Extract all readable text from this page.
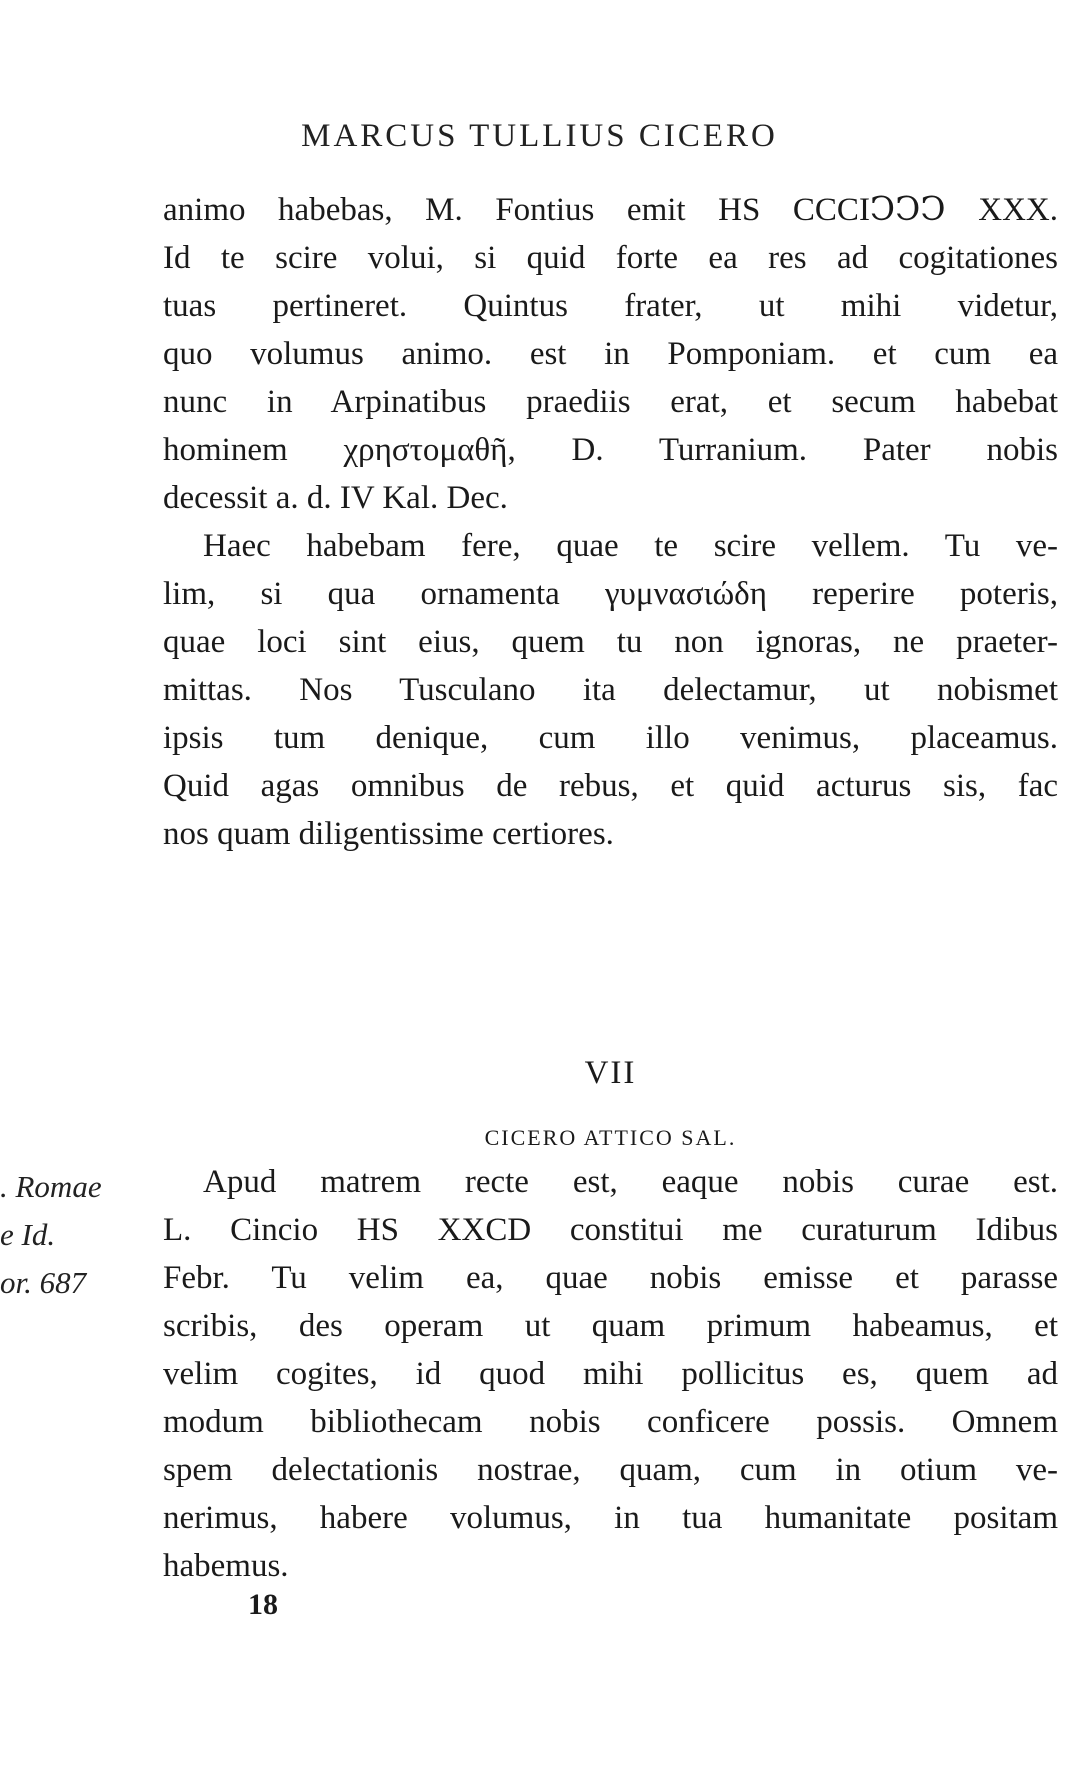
MARCUS TULLIUS CICERO
animo habebas, M. Fontius emit HS CCCIↃↃↃ XXX.
Id te scire volui, si quid forte ea res ad cogitationes
tuas pertineret. Quintus frater, ut mihi videtur,
quo volumus animo. est in Pomponiam. et cum ea
nunc in Arpinatibus praediis erat, et secum habebat
hominem χρηστομαθῆ, D. Turranium. Pater nobis
decessit a. d. IV Kal. Dec.
Haec habebam fere, quae te scire vellem. Tu ve-
lim, si qua ornamenta γυμνασιώδη reperire poteris,
quae loci sint eius, quem tu non ignoras, ne praeter-
mittas. Nos Tusculano ita delectamur, ut nobismet
ipsis tum denique, cum illo venimus, placeamus.
Quid agas omnibus de rebus, et quid acturus sis, fac
nos quam diligentissime certiores.
VII
CICERO ATTICO SAL.
. Romae
e Id.
or. 687
Apud matrem recte est, eaque nobis curae est.
L. Cincio HS XXCD constitui me curaturum Idibus
Febr. Tu velim ea, quae nobis emisse et parasse
scribis, des operam ut quam primum habeamus, et
velim cogites, id quod mihi pollicitus es, quem ad
modum bibliothecam nobis conficere possis. Omnem
spem delectationis nostrae, quam, cum in otium ve-
nerimus, habere volumus, in tua humanitate positam
habemus.
18
